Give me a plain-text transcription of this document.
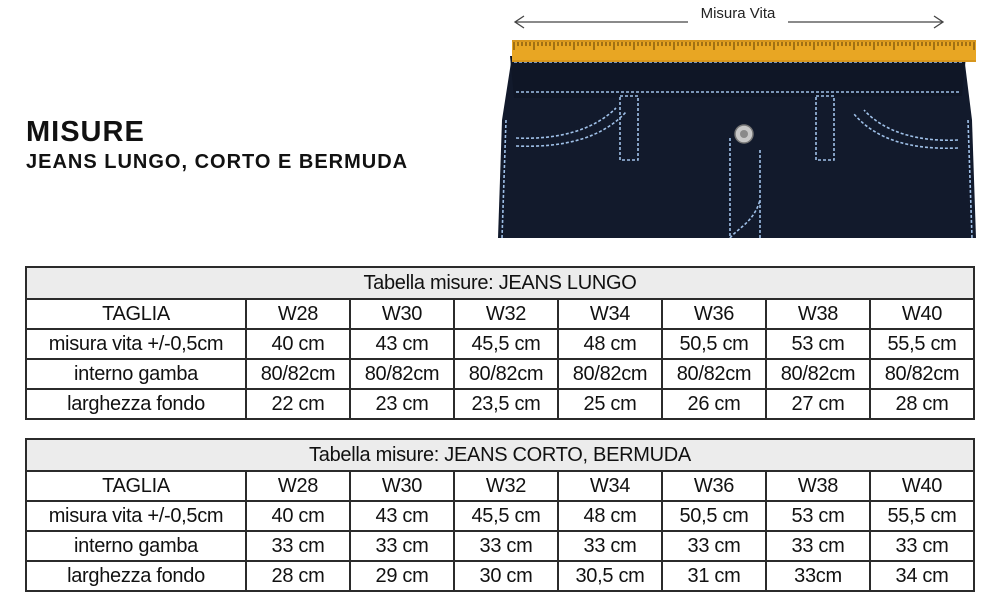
MISURE
JEANS LUNGO, CORTO E BERMUDA
Misura Vita
Tabella misure: JEANS LUNGO							
TAGLIA	W28	W30	W32	W34	W36	W38	W40
misura vita +/-0,5cm	40 cm	43 cm	45,5 cm	48 cm	50,5 cm	53 cm	55,5 cm
interno gamba	80/82cm	80/82cm	80/82cm	80/82cm	80/82cm	80/82cm	80/82cm
larghezza fondo	22 cm	23 cm	23,5 cm	25 cm	26 cm	27 cm	28 cm
Tabella misure: JEANS CORTO, BERMUDA							
TAGLIA	W28	W30	W32	W34	W36	W38	W40
misura vita +/-0,5cm	40 cm	43 cm	45,5 cm	48 cm	50,5 cm	53 cm	55,5 cm
interno gamba	33 cm	33 cm	33 cm	33 cm	33 cm	33 cm	33 cm
larghezza fondo	28 cm	29 cm	30 cm	30,5 cm	31 cm	33cm	34 cm
